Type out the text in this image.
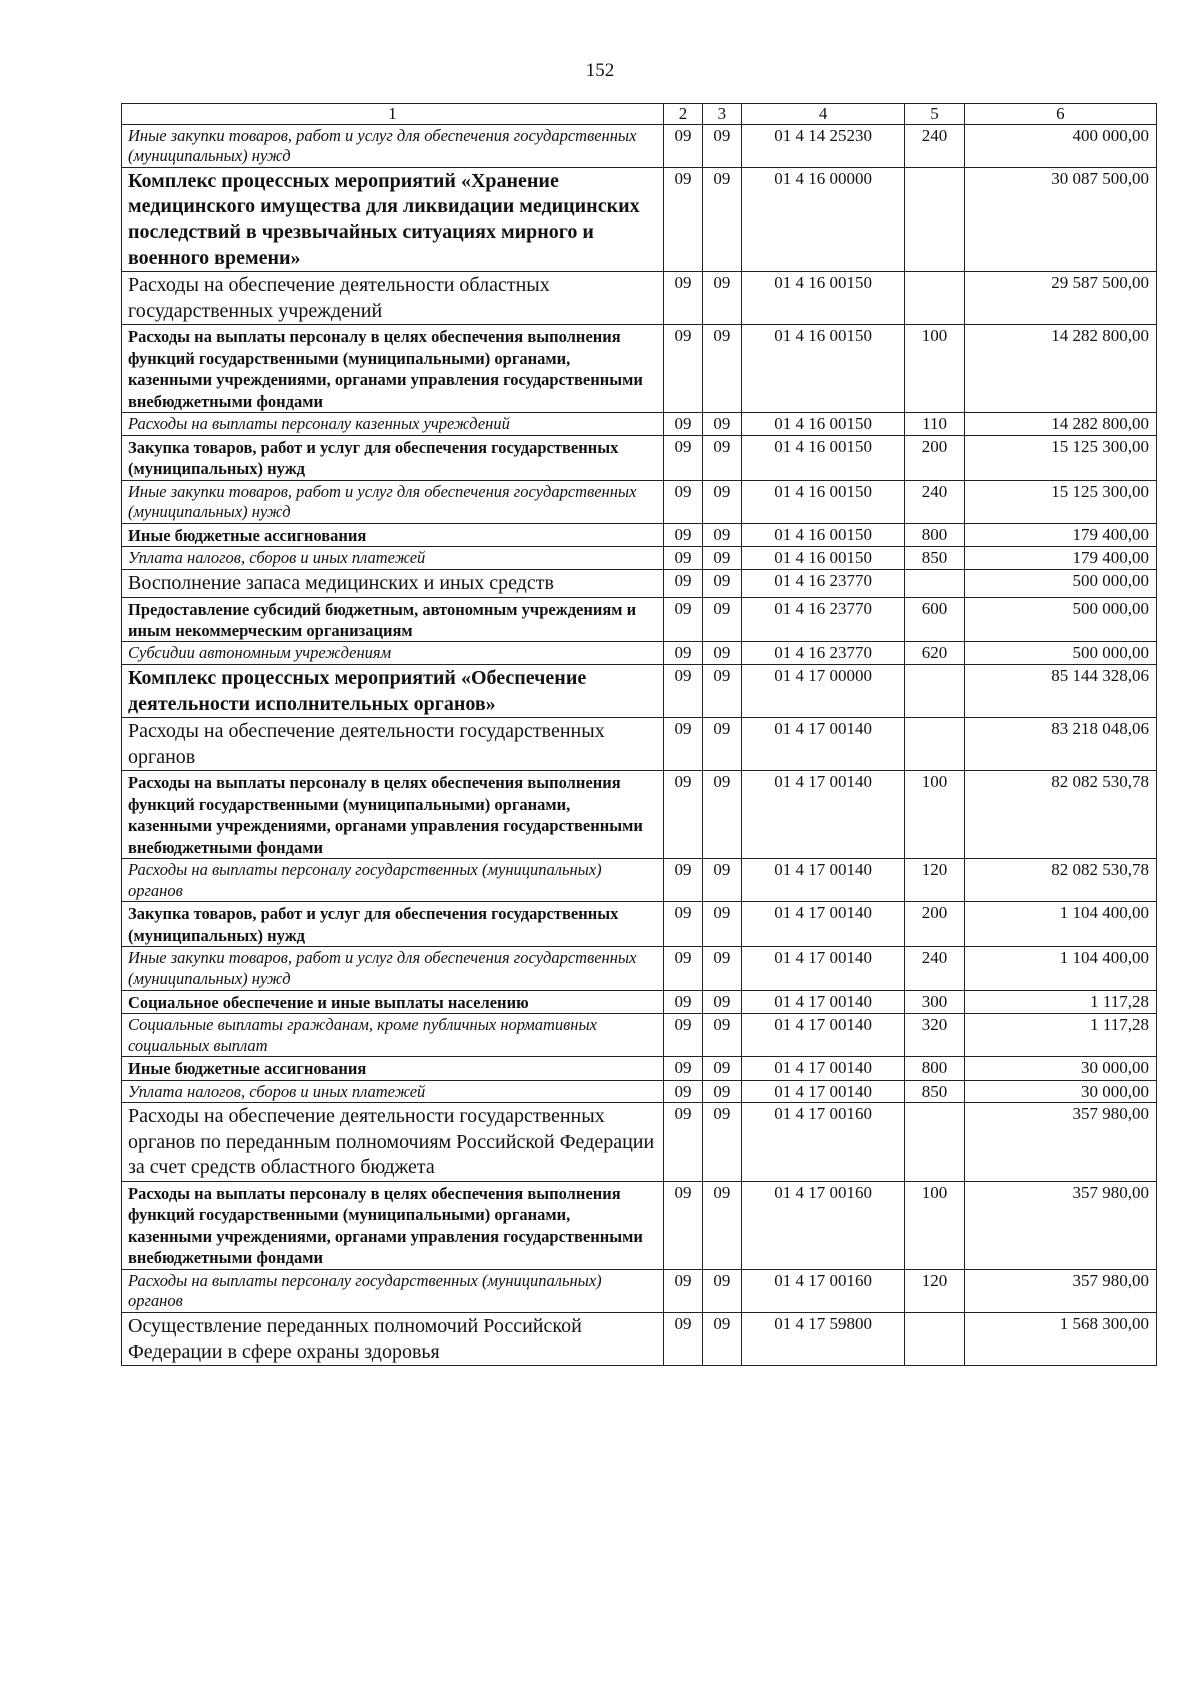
152
1	2	3	4	5	6
Иные закупки товаров, работ и услуг для обеспечения государственных (муниципальных) нужд	09	09	01 4 14 25230	240	400 000,00
Комплекс процессных мероприятий «Хранение медицинского имущества для ликвидации медицинских последствий в чрезвычайных ситуациях мирного и военного времени»	09	09	01 4 16 00000		30 087 500,00
Расходы на обеспечение деятельности областных государственных учреждений	09	09	01 4 16 00150		29 587 500,00
Расходы на выплаты персоналу в целях обеспечения выполнения функций государственными (муниципальными) органами, казенными учреждениями, органами управления государственными внебюджетными фондами	09	09	01 4 16 00150	100	14 282 800,00
Расходы на выплаты персоналу казенных учреждений	09	09	01 4 16 00150	110	14 282 800,00
Закупка товаров, работ и услуг для обеспечения государственных (муниципальных) нужд	09	09	01 4 16 00150	200	15 125 300,00
Иные закупки товаров, работ и услуг для обеспечения государственных (муниципальных) нужд	09	09	01 4 16 00150	240	15 125 300,00
Иные бюджетные ассигнования	09	09	01 4 16 00150	800	179 400,00
Уплата налогов, сборов и иных платежей	09	09	01 4 16 00150	850	179 400,00
Восполнение запаса медицинских и иных средств	09	09	01 4 16 23770		500 000,00
Предоставление субсидий бюджетным, автономным учреждениям и иным некоммерческим организациям	09	09	01 4 16 23770	600	500 000,00
Субсидии автономным учреждениям	09	09	01 4 16 23770	620	500 000,00
Комплекс процессных мероприятий «Обеспечение деятельности исполнительных органов»	09	09	01 4 17 00000		85 144 328,06
Расходы на обеспечение деятельности государственных органов	09	09	01 4 17 00140		83 218 048,06
Расходы на выплаты персоналу в целях обеспечения выполнения функций государственными (муниципальными) органами, казенными учреждениями, органами управления государственными внебюджетными фондами	09	09	01 4 17 00140	100	82 082 530,78
Расходы на выплаты персоналу государственных (муниципальных) органов	09	09	01 4 17 00140	120	82 082 530,78
Закупка товаров, работ и услуг для обеспечения государственных (муниципальных) нужд	09	09	01 4 17 00140	200	1 104 400,00
Иные закупки товаров, работ и услуг для обеспечения государственных (муниципальных) нужд	09	09	01 4 17 00140	240	1 104 400,00
Социальное обеспечение и иные выплаты населению	09	09	01 4 17 00140	300	1 117,28
Социальные выплаты гражданам, кроме публичных нормативных социальных выплат	09	09	01 4 17 00140	320	1 117,28
Иные бюджетные ассигнования	09	09	01 4 17 00140	800	30 000,00
Уплата налогов, сборов и иных платежей	09	09	01 4 17 00140	850	30 000,00
Расходы на обеспечение деятельности государственных органов по переданным полномочиям Российской Федерации за счет средств областного бюджета	09	09	01 4 17 00160		357 980,00
Расходы на выплаты персоналу в целях обеспечения выполнения функций государственными (муниципальными) органами, казенными учреждениями, органами управления государственными внебюджетными фондами	09	09	01 4 17 00160	100	357 980,00
Расходы на выплаты персоналу государственных (муниципальных) органов	09	09	01 4 17 00160	120	357 980,00
Осуществление переданных полномочий Российской Федерации в сфере охраны здоровья	09	09	01 4 17 59800		1 568 300,00
